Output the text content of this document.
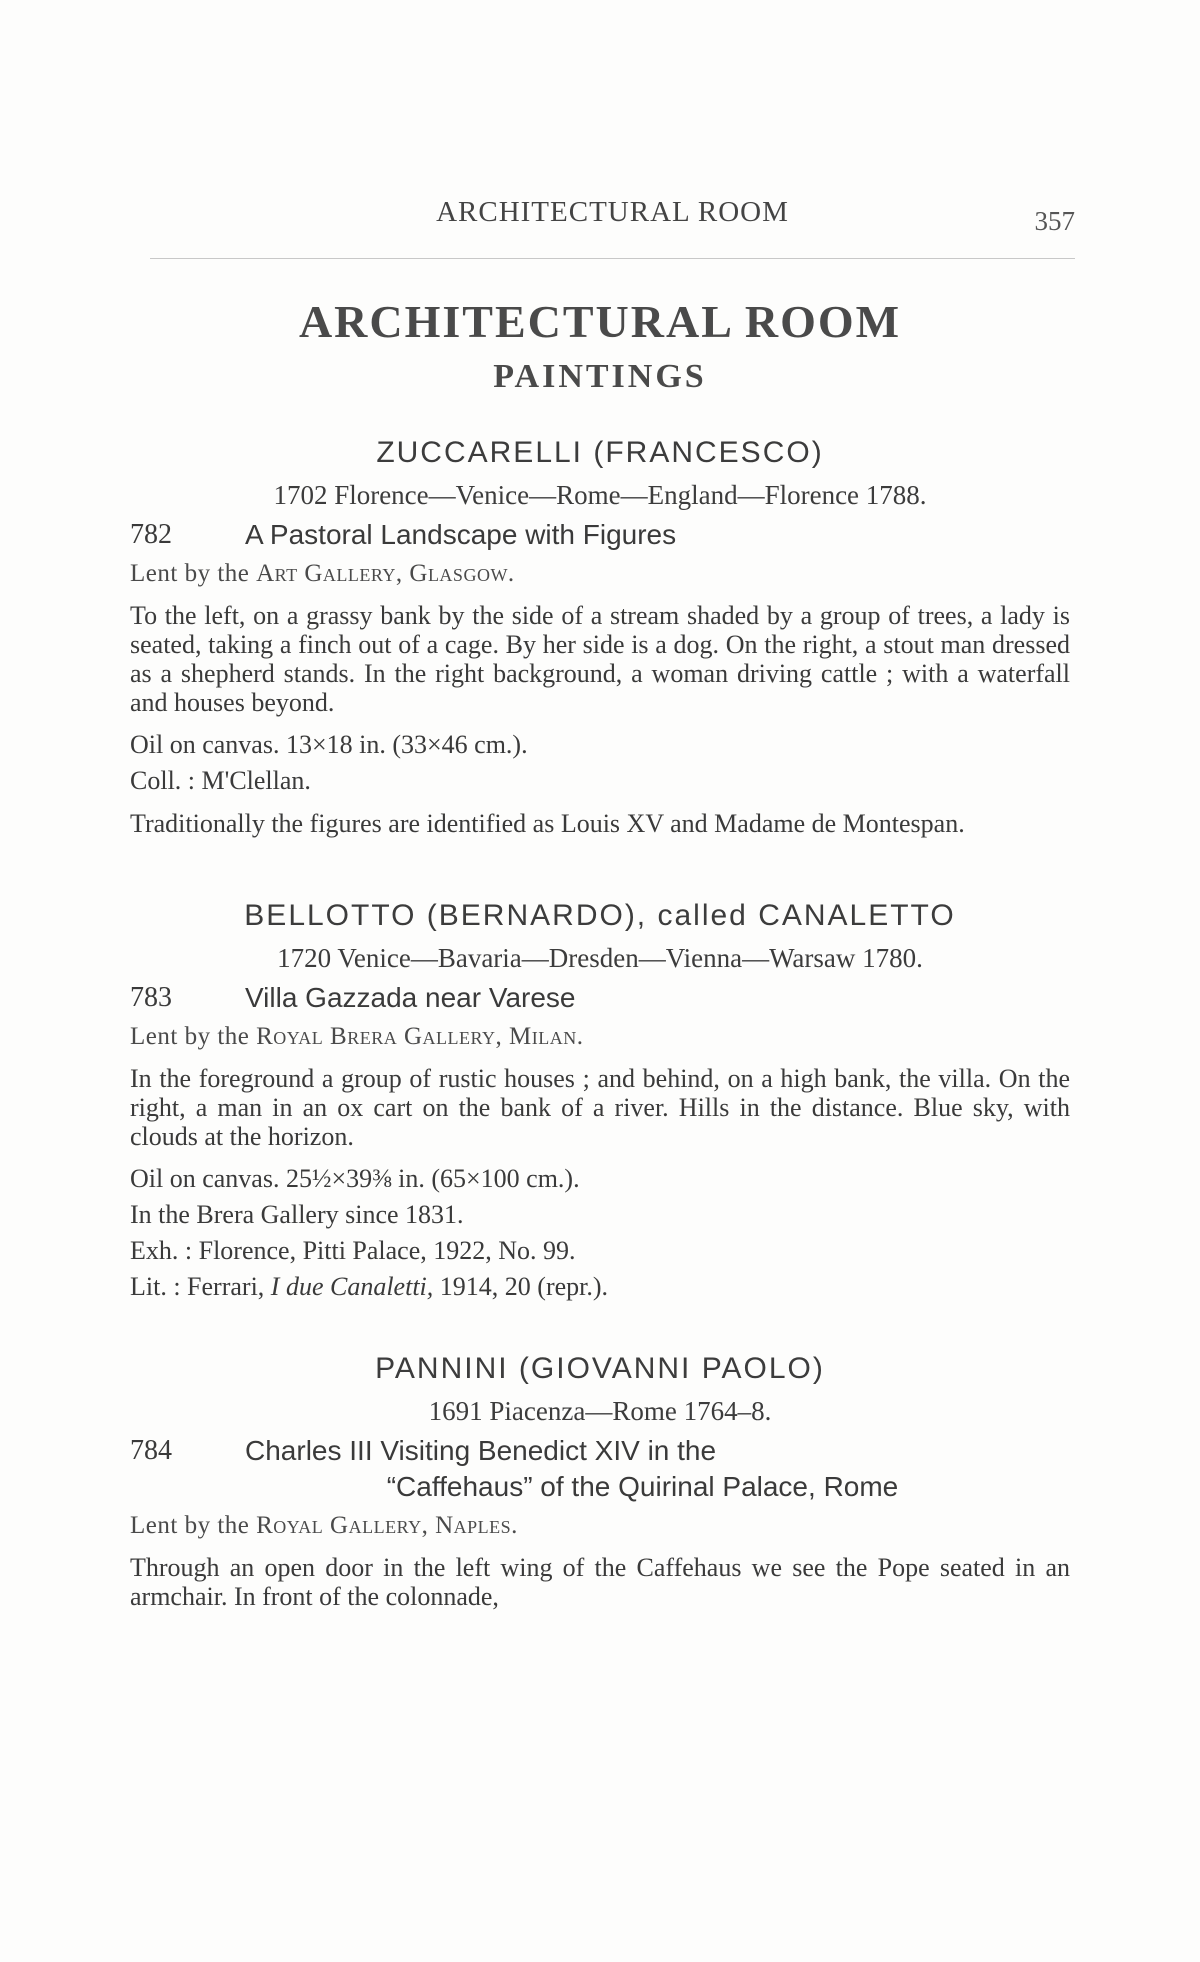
ARCHITECTURAL ROOM	357
ARCHITECTURAL ROOM
PAINTINGS
ZUCCARELLI (FRANCESCO)
1702 Florence—Venice—Rome—England—Florence 1788.
782	A Pastoral Landscape with Figures
Lent by the Art Gallery, Glasgow.
To the left, on a grassy bank by the side of a stream shaded by a group of trees, a lady is seated, taking a finch out of a cage. By her side is a dog. On the right, a stout man dressed as a shepherd stands. In the right background, a woman driving cattle ; with a waterfall and houses beyond.
Oil on canvas. 13×18 in. (33×46 cm.).
Coll. : M'Clellan.
Traditionally the figures are identified as Louis XV and Madame de Montespan.
BELLOTTO (BERNARDO), called CANALETTO
1720 Venice—Bavaria—Dresden—Vienna—Warsaw 1780.
783	Villa Gazzada near Varese
Lent by the Royal Brera Gallery, Milan.
In the foreground a group of rustic houses ; and behind, on a high bank, the villa. On the right, a man in an ox cart on the bank of a river. Hills in the distance. Blue sky, with clouds at the horizon.
Oil on canvas. 25½×39⅜ in. (65×100 cm.).
In the Brera Gallery since 1831.
Exh. : Florence, Pitti Palace, 1922, No. 99.
Lit. : Ferrari, I due Canaletti, 1914, 20 (repr.).
PANNINI (GIOVANNI PAOLO)
1691 Piacenza—Rome 1764–8.
784	Charles III Visiting Benedict XIV in the
“Caffehaus” of the Quirinal Palace, Rome
Lent by the Royal Gallery, Naples.
Through an open door in the left wing of the Caffehaus we see the Pope seated in an armchair. In front of the colonnade,
